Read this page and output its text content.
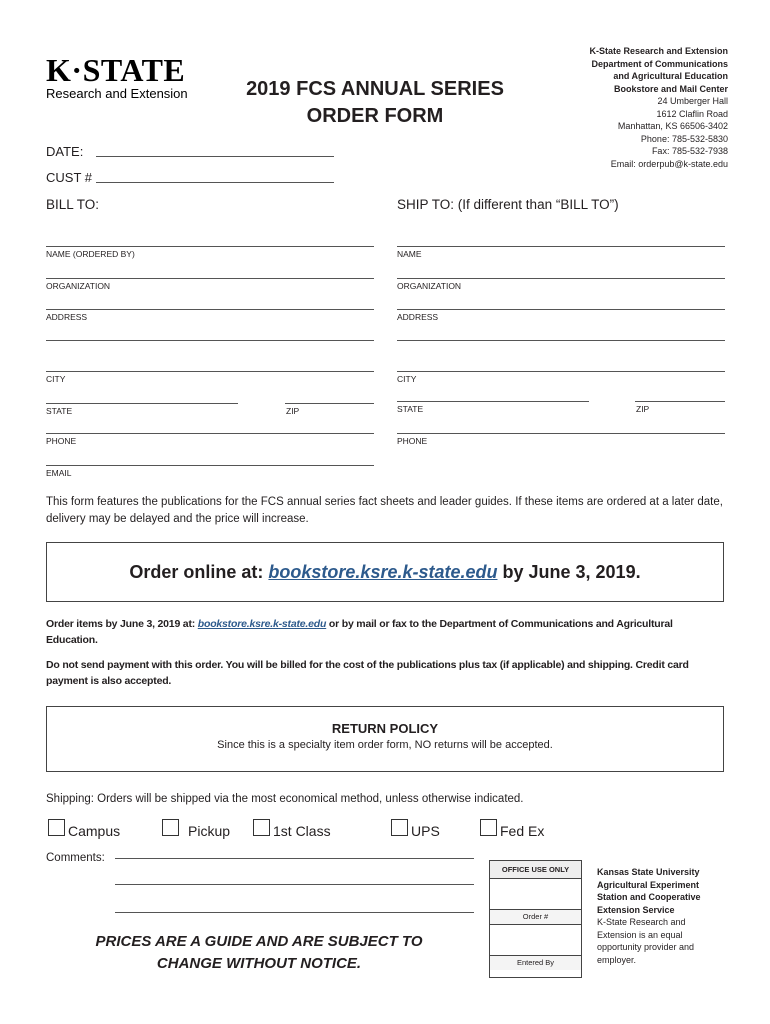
K·STATE
Research and Extension	2019 FCS ANNUAL SERIES
ORDER FORM
K-State Research and Extension
Department of Communications
and Agricultural Education
Bookstore and Mail Center
24 Umberger Hall
1612 Claflin Road
Manhattan, KS 66506-3402
Phone: 785-532-5830
Fax: 785-532-7938
Email: orderpub@k-state.edu
DATE:
CUST #
BILL TO:	SHIP TO: (If different than “BILL TO”)
NAME (ORDERED BY)
ORGANIZATION
ADDRESS
CITY
STATE	ZIP
PHONE
EMAIL
NAME
ORGANIZATION
ADDRESS
CITY
STATE	ZIP
PHONE
This form features the publications for the FCS annual series fact sheets and leader guides. If these items are ordered at a later date, delivery may be delayed and the price will increase.
Order online at: bookstore.ksre.k-state.edu by June 3, 2019.
Order items by June 3, 2019 at: bookstore.ksre.k-state.edu or by mail or fax to the Department of Communications and Agricultural Education.
Do not send payment with this order. You will be billed for the cost of the publications plus tax (if applicable) and shipping. Credit card payment is also accepted.
RETURN POLICY
Since this is a specialty item order form, NO returns will be accepted.
Shipping: Orders will be shipped via the most economical method, unless otherwise indicated.
Campus	Pickup	1st Class	UPS	Fed Ex
Comments:
OFFICE USE ONLY
Order #
Entered By
Kansas State University Agricultural Experiment Station and Cooperative Extension Service
K-State Research and Extension is an equal opportunity provider and employer.
PRICES ARE A GUIDE AND ARE SUBJECT TO
CHANGE WITHOUT NOTICE.
